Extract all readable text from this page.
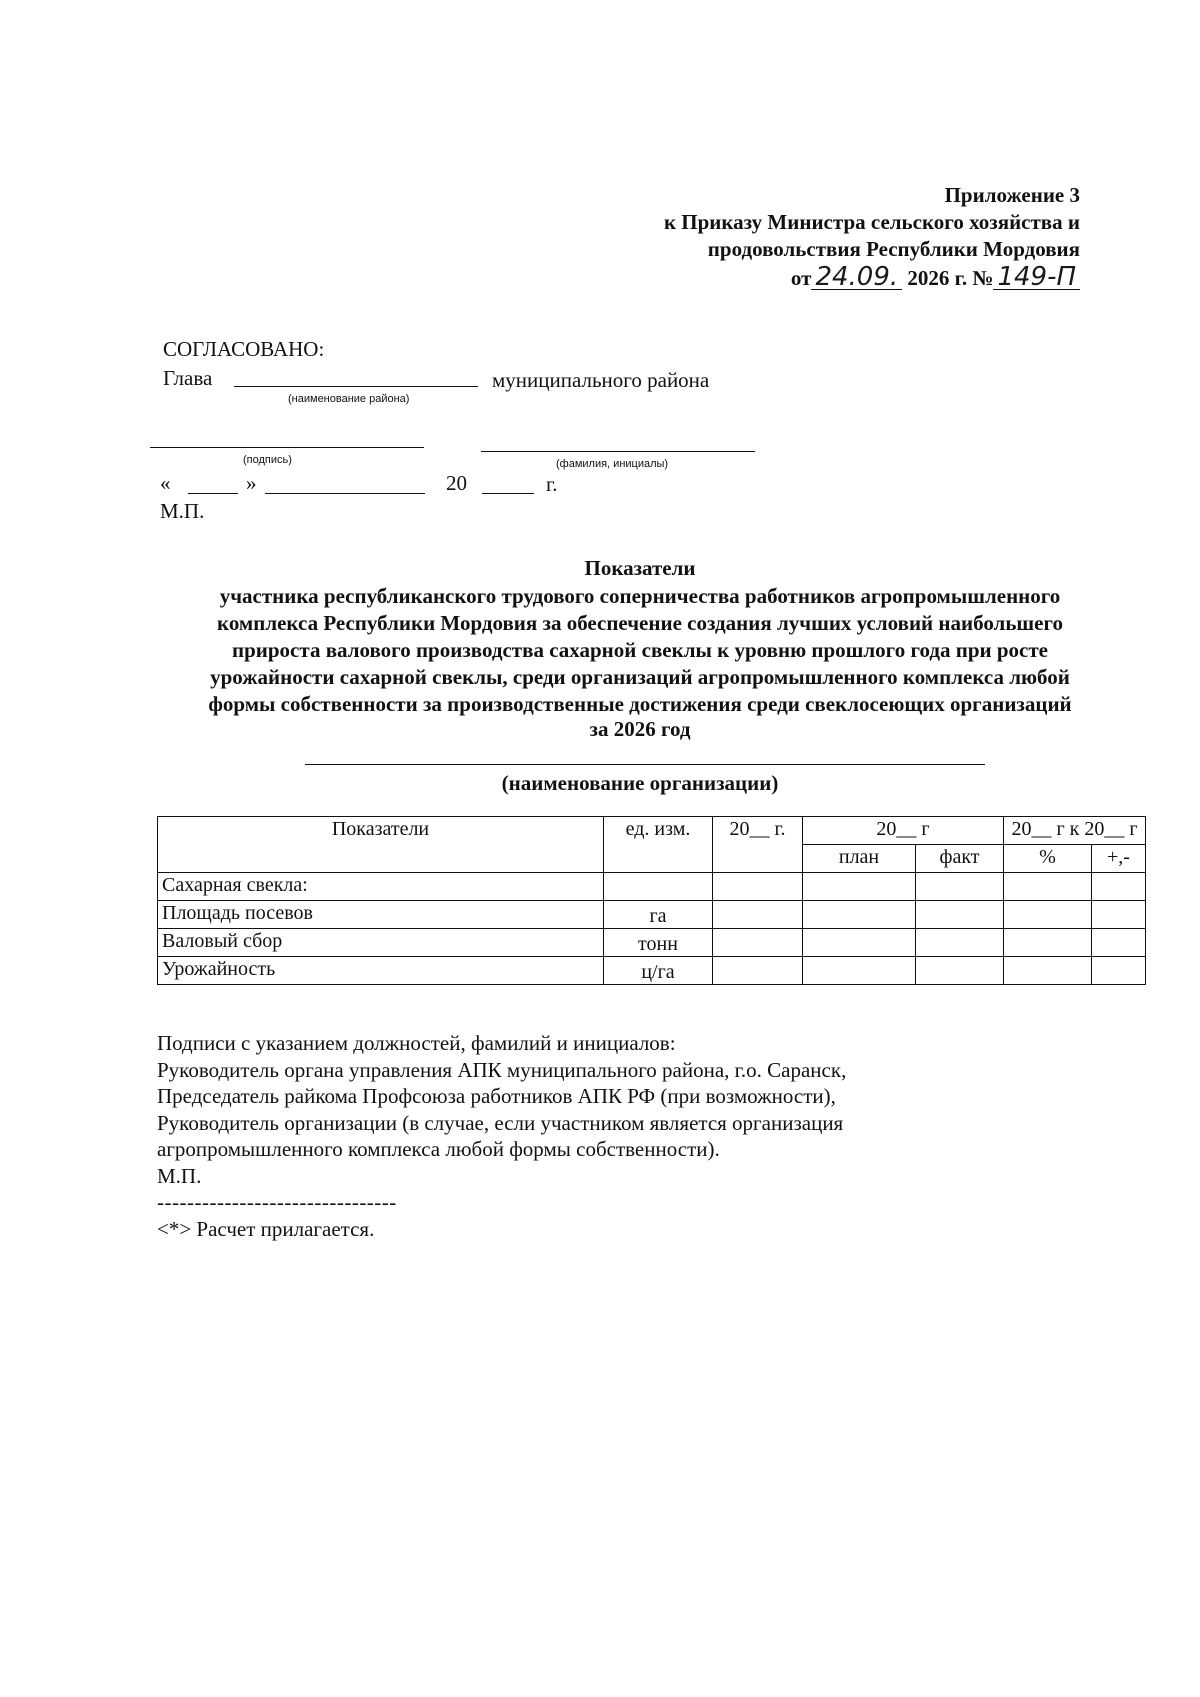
Приложение 3
к Приказу Министра сельского хозяйства и
продовольствия Республики Мордовия
от 24.09. 2026 г. № 149-П
СОГЛАСОВАНО:
Глава
(наименование района)
муниципального района
(подпись)	(фамилия, инициалы)
«	»	20	г.
М.П.
Показатели
участника республиканского трудового соперничества работников агропромышленного
комплекса Республики Мордовия за обеспечение создания лучших условий наибольшего
прироста валового производства сахарной свеклы к уровню прошлого года при росте
урожайности сахарной свеклы, среди организаций агропромышленного комплекса любой
формы собственности за производственные достижения среди свеклосеющих организаций
за 2026 год
(наименование организации)
Показатели	ед. изм.	20__ г.	20__ г		20__ г к 20__ г	
			план	факт	%	+,-
Сахарная свекла:						
Площадь посевов	га					
Валовый сбор	тонн					
Урожайность	ц/га					
Подписи с указанием должностей, фамилий и инициалов:
Руководитель органа управления АПК муниципального района, г.о. Саранск,
Председатель райкома Профсоюза работников АПК РФ (при возможности),
Руководитель организации (в случае, если участником является организация
агропромышленного комплекса любой формы собственности).
М.П.
--------------------------------
<*> Расчет прилагается.
